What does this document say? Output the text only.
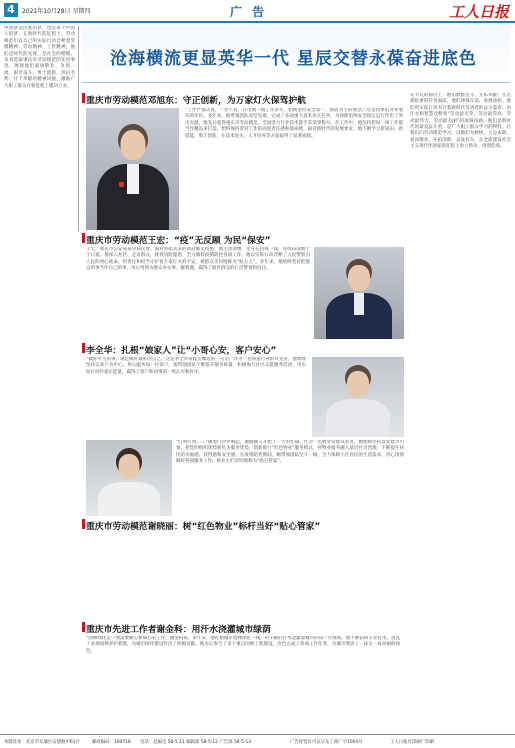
4	2021年10月28日 星期四	广 告	工人日报

中国梦是民族的梦，也是每个中国人的梦。在新时代的征程上，劳动模范们以自己的实际行动诠释着劳模精神、劳动精神、工匠精神，他们是时代的先锋，是社会的楷模。本刊选取重庆市劳动模范的先进事迹，展现他们爱岗敬业、争创一流、艰苦奋斗、勇于创新、淡泊名利、甘于奉献的精神风貌，激励广大职工群众在新征程上建功立业。

沧海横流更显英华一代 星辰交替永葆奋进底色
重庆市劳动模范邓旭东：守正创新，为万家灯火保驾护航

“工作严谨认真，一丝不苟，在电网一线工作多年，始终坚持安全第一、预防为主的理念。”这是同事们对邓旭东的评价。多年来，他带领团队攻坚克难，完成了多项重大技术攻关任务，为保障电网安全稳定运行作出了突出贡献。他先后获得重庆市劳动模范、全国电力行业技术能手等荣誉称号。在工作中，他坚持把每一项工作都当作精品来打造，始终保持着对工作的高度责任感和使命感。面对新时代的发展要求，他不断学习新知识、新技能，勇于创新，在技术攻关、人才培养等方面取得了显著成绩。

重庆市劳动模范王宏：“疫”无反顾 为民“保安”

王宏，重庆市公安局某分局民警。面对突如其来的新冠肺炎疫情，他主动请缨，坚守在抗疫一线，连续奋战数十个日夜。他深入社区、走访群众，排查风险隐患，全力做好疫情防控各项工作。他以实际行动诠释了人民警察为人民的初心使命，用责任和担当守护着万家灯火的平安，被群众亲切地称为“贴心人”。多年来，他始终坚持把群众的事当作自己的事，用心用情为群众办实事、解难题，赢得了辖区群众的广泛赞誉和信任。

李全华：扎根“娘家人”让“小哥心安，客户安心”

“做好平凡的事，就是做好最好的自己。”这是李全华常挂在嘴边的一句话。作为一名快递行业的从业者，他始终坚持以客户为中心，用心服务每一位客户。他带领团队不断提升服务质量，积极参与社区志愿服务活动，用实际行动传递正能量，赢得了客户和同事的一致认可和好评。

重庆市劳动模范谢晓丽：树“红色物业”标杆当好“贴心管家”

“叮咚叮咚……”随着门铃声响起，谢晓丽又开始了一天的忙碌。作为一名物业管理从业者，她始终坚持以党建为引领，把党的组织优势转化为服务优势，创新推行“红色物业”服务模式，将物业服务融入基层社会治理，不断提升居民的幸福感、获得感和安全感。在疫情防控期间，她带领团队坚守一线，全力保障小区居民的生活需求，用心用情做好各项服务工作，被业主们亲切地称为“贴心管家”。

重庆市先进工作者谢金科：用汗水浇灌城市绿荫

“园林绿化是一项需要耐心和细心的工作。”谢金科说。多年来，他扎根城市园林绿化一线，用辛勤的汗水浇灌着城市的每一片绿荫。他不断钻研专业技术，攻克了多项园林养护难题，为城市绿化建设作出了积极贡献。他先后参与了多个重点园林工程建设，出色完成了各项工作任务，为城市增添了一抹又一抹亮丽的绿色。

在平凡的岗位上，他们默默坚守、无私奉献；在急难险重的任务面前，他们冲锋在前、勇挑重担。他们用实际行动书写着新时代劳动者的奋斗篇章，用汗水和智慧诠释着“劳动最光荣、劳动最崇高、劳动最伟大、劳动最美丽”的深刻内涵。他们是新时代的最美奋斗者，是广大职工群众学习的榜样。让我们向劳动模范学习，以他们为榜样，立足本职、爱岗敬业、开拓创新、奋发有为，在全面建设社会主义现代化国家新征程上再立新功、再创佳绩。

本版社址：北京市东城区安德路甲61号	邮政编码：100718 电话：总编室 58-5-11 编辑部 58-5-12 广告部 58-5-13	广告经营许可证京东工商广字1004号	工人日报社印刷厂印刷
